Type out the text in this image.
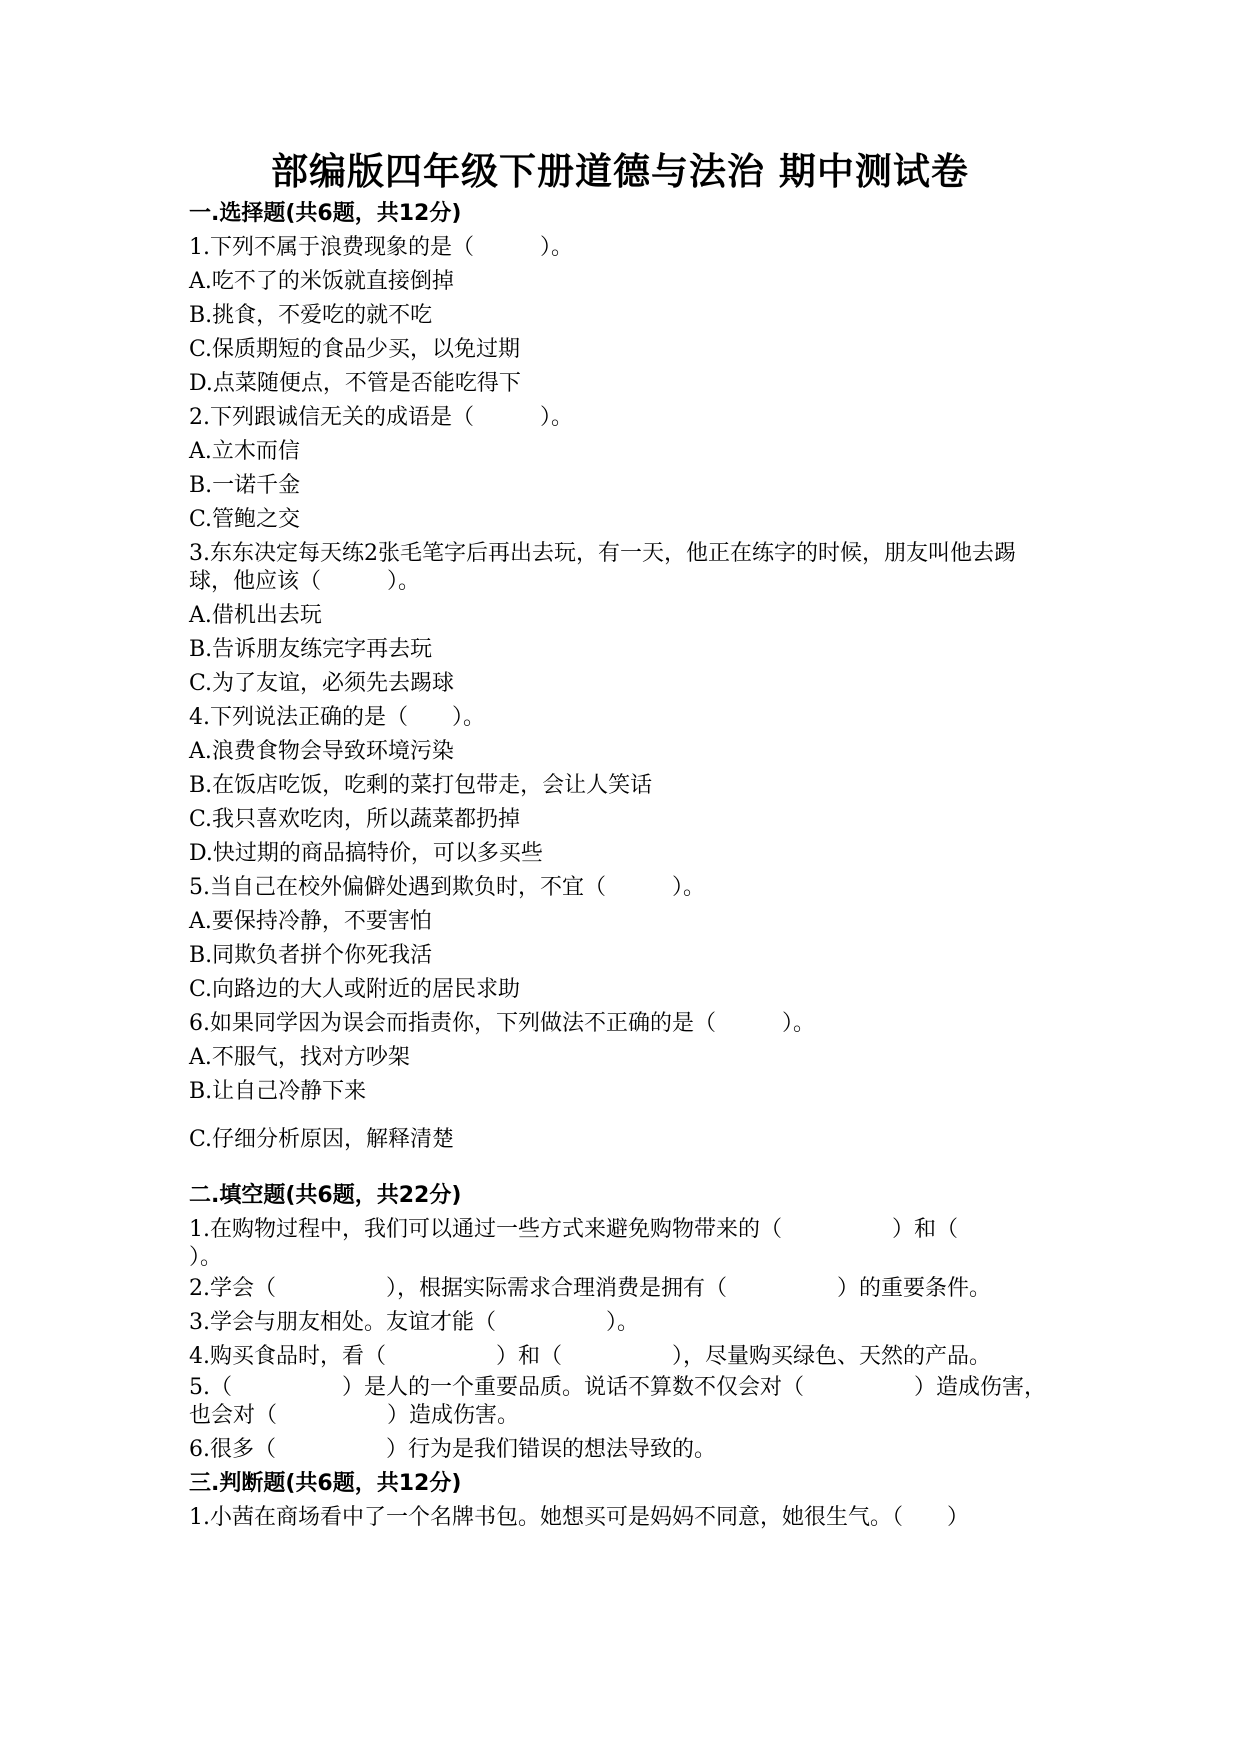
部编版四年级下册道德与法治 期中测试卷
一.选择题(共6题，共12分)
1.下列不属于浪费现象的是（　　　）。
A.吃不了的米饭就直接倒掉
B.挑食，不爱吃的就不吃
C.保质期短的食品少买，以免过期
D.点菜随便点，不管是否能吃得下
2.下列跟诚信无关的成语是（　　　）。
A.立木而信
B.一诺千金
C.管鲍之交
3.东东决定每天练2张毛笔字后再出去玩，有一天，他正在练字的时候，朋友叫他去踢球，他应该（　　　）。
A.借机出去玩
B.告诉朋友练完字再去玩
C.为了友谊，必须先去踢球
4.下列说法正确的是（　　）。
A.浪费食物会导致环境污染
B.在饭店吃饭，吃剩的菜打包带走，会让人笑话
C.我只喜欢吃肉，所以蔬菜都扔掉
D.快过期的商品搞特价，可以多买些
5.当自己在校外偏僻处遇到欺负时，不宜（　　　）。
A.要保持冷静，不要害怕
B.同欺负者拼个你死我活
C.向路边的大人或附近的居民求助
6.如果同学因为误会而指责你，下列做法不正确的是（　　　）。
A.不服气，找对方吵架
B.让自己冷静下来
C.仔细分析原因，解释清楚
二.填空题(共6题，共22分)
1.在购物过程中，我们可以通过一些方式来避免购物带来的（　　　　　）和（　　　　　）。
2.学会（　　　　　），根据实际需求合理消费是拥有（　　　　　）的重要条件。
3.学会与朋友相处。友谊才能（　　　　　）。
4.购买食品时，看（　　　　　）和（　　　　　），尽量购买绿色、天然的产品。
5.（　　　　　）是人的一个重要品质。说话不算数不仅会对（　　　　　）造成伤害，也会对（　　　　　）造成伤害。
6.很多（　　　　　）行为是我们错误的想法导致的。
三.判断题(共6题，共12分)
1.小茜在商场看中了一个名牌书包。她想买可是妈妈不同意，她很生气。（　　）
